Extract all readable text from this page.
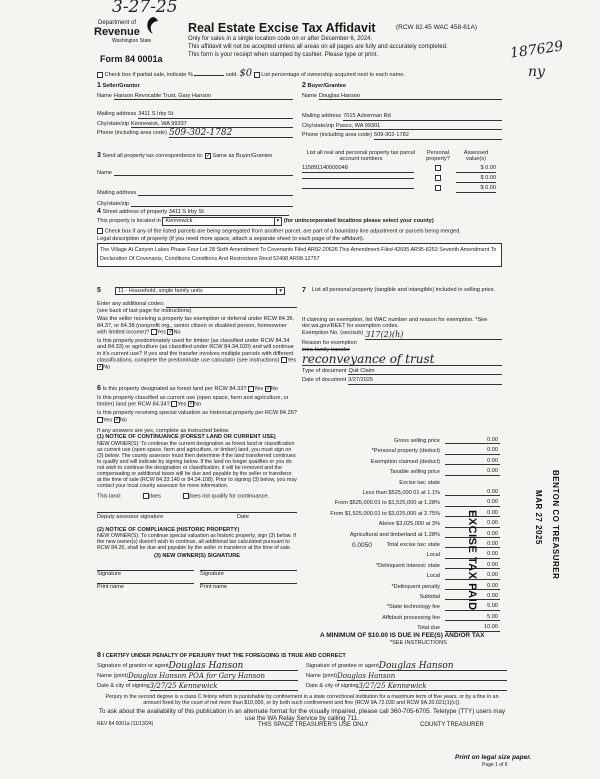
3-27-25
Department of
Revenue
Washington State
Form 84 0001a
Real Estate Excise Tax Affidavit	(RCW 82.45 WAC 458-61A)
Only for sales in a single location code on or after December 6, 2024.
This affidavit will not be accepted unless all areas on all pages are fully and accurately completed.
This form is your receipt when stamped by cashier. Please type or print.	187629
ny
Check box if partial sale, indicate %	sold. $0 List percentage of ownership acquired next to each name.
1 Seller/Grantor
Name Hanson Revocable Trust, Gary Hanson
Mailing address 3411 S Irby St
City/state/zip Kennewick, WA 99337
Phone (including area code) 509-302-1782
2 Buyer/Grantee
Name Douglas Hanson
Mailing address 7015 Ackerman Rd
City/state/zip Pasco, WA 99301
Phone (including area code) 509-302-1782
3 Send all property tax correspondence to: ✓ Same as Buyer/Grantee
Name
Mailing address
City/state/zip
List all real and personal property tax parcel account numbers
Personal property?
Assessed value(s)
115891140000048	$ 0.00
$ 0.00
$ 0.00
4 Street address of property 3411 S Irby St
This property is located in Kennewick	▾ (for unincorporated locations please select your county)
Check box if any of the listed parcels are being segregated from another parcel, are part of a boundary line adjustment or parcels being merged.
Legal description of property (if you need more space, attach a separate sheet to each page of the affidavit).
The Village At Canyon Lakes Phase Four Lot 28 Sixth Amendment To Covenants Filed AR92-20626 This Amendment Filed 42695 AR95-8253 Seventh Amendment To Declaration Of Covenants, Conditions Conditions And Restrictions Recd 52498 AR98-12757
5	11 - Household, single family units	▾
Enter any additional codes:
(see back of last page for instructions)
Was the seller receiving a property tax exemption or deferral under RCW 84.36, 84.37, or 84.38 (nonprofit org., senior citizen or disabled person, homeowner with limited income)? Yes ✓ No
Is this property predominately used for timber (as classified under RCW 84.34 and 84.33) or agriculture (as classified under RCW 84.34.020) and will continue in it's current use? If yes and the transfer involves multiple parcels with different classifications, complete the predominate use calculator (see instructions) Yes ✓No
6 Is this property designated as forest land per RCW 84.33? Yes ✓ No
Is this property classified as current use (open space, farm and agriculture, or timber) land per RCW 84.34? Yes ✓ No
Is this property receiving special valuation as historical property per RCW 84.26? Yes ✓ No
If any answers are yes, complete as instructed below.
(1) NOTICE OF CONTINUANCE (FOREST LAND OR CURRENT USE)
NEW OWNER(S): To continue the current designation as forest land or classification as current use (open space, farm and agriculture, or timber) land, you must sign on (3) below. The county assessor must then determine if the land transferred continues to qualify and will indicate by signing below. If the land no longer qualifies or you do not wish to continue the designation or classification, it will be removed and the compensating or additional taxes will be due and payable by the seller or transferor at the time of sale (RCW 84.33.140 or 84.34.108). Prior to signing (3) below, you may contact your local county assessor for more information.
This land:	does	does not qualify for continuance.
Deputy assessor signature	Date
(2) NOTICE OF COMPLIANCE (HISTORIC PROPERTY)
NEW OWNER(S): To continue special valuation as historic property, sign (3) below. If the new owner(s) doesn't wish to continue, all additional tax calculated pursuant to RCW 84.26, shall be due and payable by the seller or transferor at the time of sale.
(3) NEW OWNER(S) SIGNATURE
Signature	Signature
Print name	Print name
7	List all personal property (tangible and intangible) included in selling price.
If claiming an exemption, list WAC number and reason for exemption. *See dor.wa.gov/REET for exemption codes.
Exemption No. (sec/sub) 317(2)(h)
Reason for exemption
intra-family transfer
reconveyance of trust
Type of document Quit Claim
Date of document 3/27/2025
Gross selling price	0.00
*Personal property (deduct)	0.00
Exemption claimed (deduct)	0.00
Taxable selling price	0.00
Excise tax: state
Less than $525,000.01 at 1.1%	0.00
From $525,000.01 to $1,525,000 at 1.28%	0.00
From $1,525,000.01 to $3,025,000 at 2.75%	0.00
Above $3,025,000 at 3%	0.00
Agricultural and timberland at 1.28%	0.00
Total excise tax: state	0.00
Local	0.00
*Delinquent interest: state	0.00
Local	0.00
*Delinquent penalty	0.00
Subtotal	0.00
*State technology fee	5.00
Affidavit processing fee	5.00
Total due	10.00
0.0050
A MINIMUM OF $10.00 IS DUE IN FEE(S) AND/OR TAX
*SEE INSTRUCTIONS
EXCISE TAX PAID	BENTON CO TREASURER
MAR 27 2025
8 I CERTIFY UNDER PENALTY OF PERJURY THAT THE FOREGOING IS TRUE AND CORRECT
Signature of grantor or agent Douglas Hanson
Name (print) Douglas Hanson POA for Gary Hanson
Date & city of signing 3/27/25 Kennewick
Signature of grantee or agent Douglas Hanson
Name (print) Douglas Hanson
Date & city of signing 3/27/25 Kennewick
Perjury in the second degree is a class C felony which is punishable by confinement in a state correctional institution for a maximum term of five years, or by a fine in an amount fixed by the court of not more than $10,000, or by both such confinement and fine (RCW 9A.72.030 and RCW 9A.20.021(1)(c)).
To ask about the availability of this publication in an alternate format for the visually impaired, please call 360-705-6705. Teletype (TTY) users may use the WA Relay Service by calling 711.
REV 84 0001a (11/13/24)	THIS SPACE TREASURER'S USE ONLY	COUNTY TREASURER
Print on legal size paper.
Page 1 of 6
